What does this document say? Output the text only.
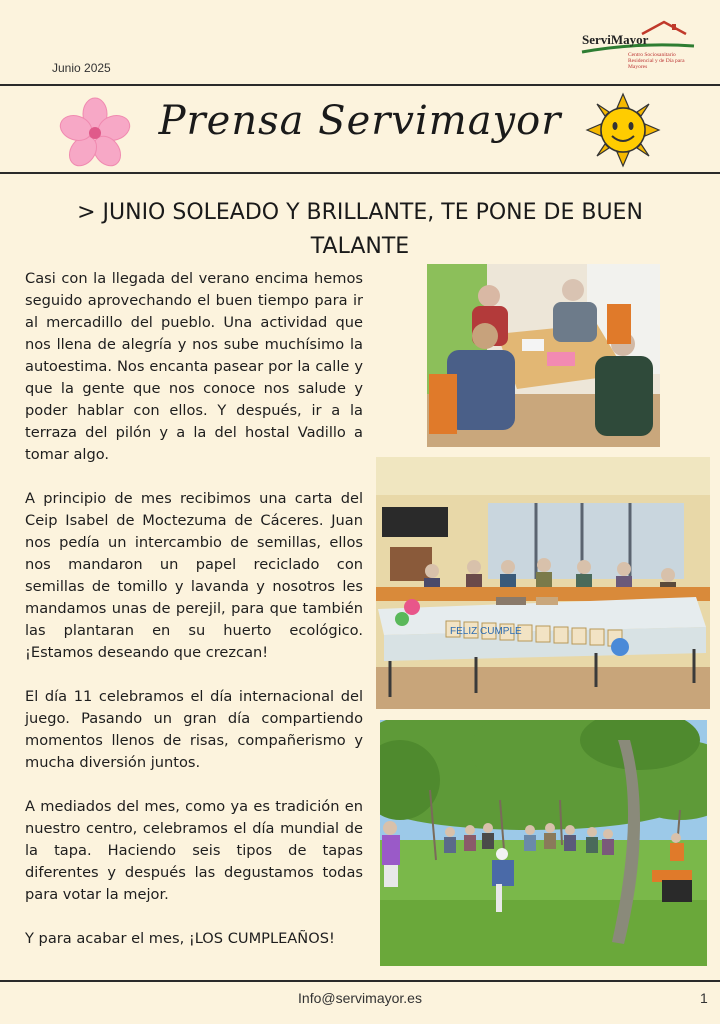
Junio 2025
ServiMayor
Centro Sociosanitario Residencial y de Día para Mayores
Prensa Servimayor
> JUNIO SOLEADO Y BRILLANTE, TE PONE DE BUEN TALANTE

Casi con la llegada del verano encima hemos seguido aprovechando el buen tiempo para ir al mercadillo del pueblo. Una actividad que nos llena de alegría y nos sube muchísimo la autoestima. Nos encanta pasear por la calle y que la gente que nos conoce nos salude y poder hablar con ellos. Y después, ir a la terraza del pilón y a la del hostal Vadillo a tomar algo.

A principio de mes recibimos una carta del Ceip Isabel de Moctezuma de Cáceres. Juan nos pedía un intercambio de semillas, ellos nos mandaron un papel reciclado con semillas de tomillo y lavanda y nosotros les mandamos unas de perejil, para que también las plantaran en su huerto ecológico. ¡Estamos deseando que crezcan!

El día 11 celebramos el día internacional del juego. Pasando un gran día compartiendo momentos llenos de risas, compañerismo y mucha diversión juntos.

A mediados del mes, como ya es tradición en nuestro centro, celebramos el día mundial de la tapa. Haciendo seis tipos de tapas diferentes y después las degustamos todas para votar la mejor.

Y para acabar el mes, ¡LOS CUMPLEAÑOS!

FELIZ CUMPLE
Info@servimayor.es	1
